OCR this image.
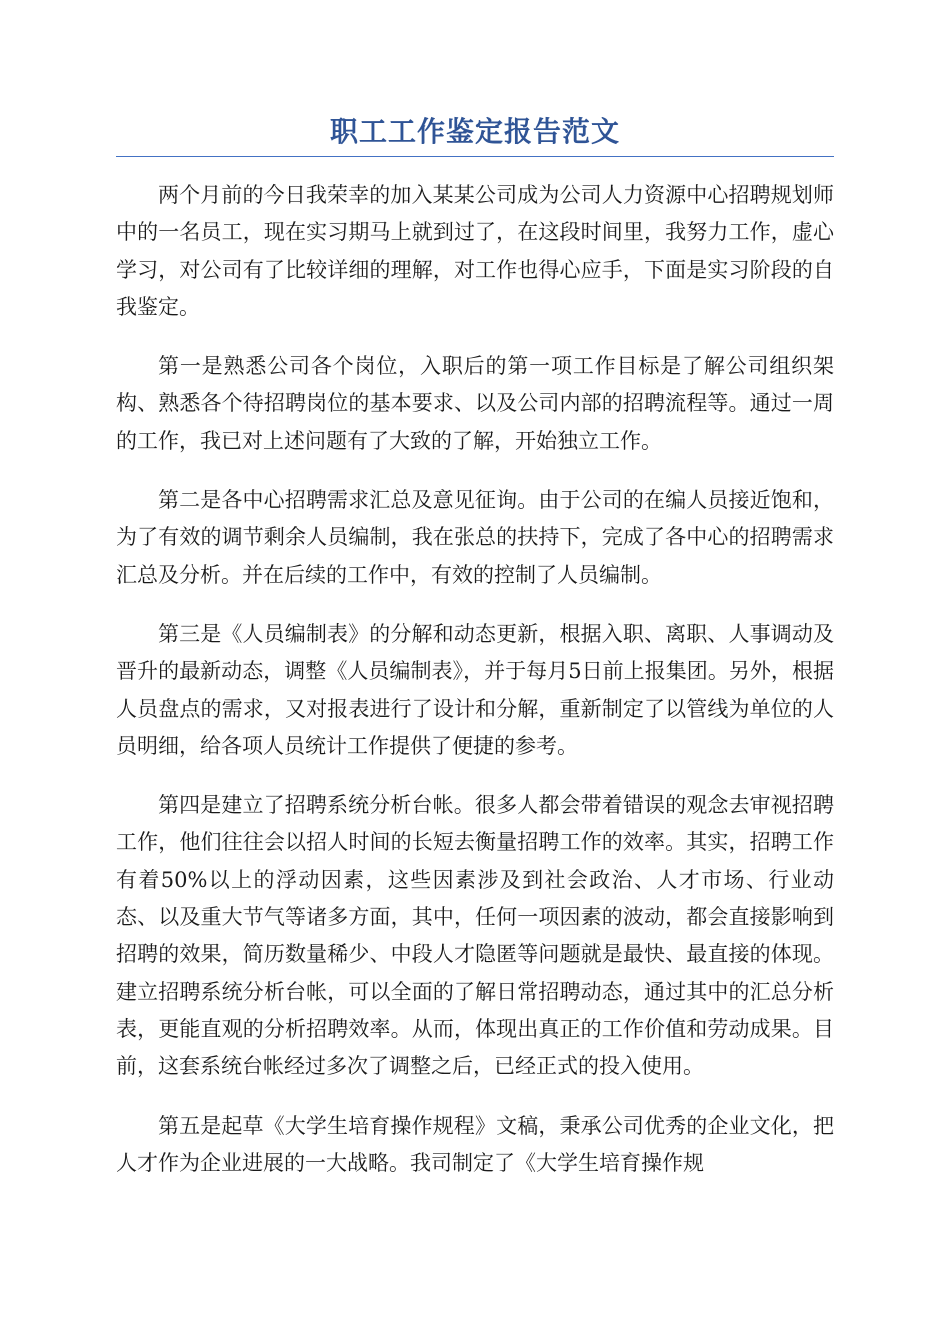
职工工作鉴定报告范文

两个月前的今日我荣幸的加入某某公司成为公司人力资源中心招聘规划师中的一名员工，现在实习期马上就到过了，在这段时间里，我努力工作，虚心学习，对公司有了比较详细的理解，对工作也得心应手，下面是实习阶段的自我鉴定。

第一是熟悉公司各个岗位，入职后的第一项工作目标是了解公司组织架构、熟悉各个待招聘岗位的基本要求、以及公司内部的招聘流程等。通过一周的工作，我已对上述问题有了大致的了解，开始独立工作。

第二是各中心招聘需求汇总及意见征询。由于公司的在编人员接近饱和，为了有效的调节剩余人员编制，我在张总的扶持下，完成了各中心的招聘需求汇总及分析。并在后续的工作中，有效的控制了人员编制。

第三是《人员编制表》的分解和动态更新，根据入职、离职、人事调动及晋升的最新动态，调整《人员编制表》，并于每月5日前上报集团。另外，根据人员盘点的需求，又对报表进行了设计和分解，重新制定了以管线为单位的人员明细，给各项人员统计工作提供了便捷的参考。

第四是建立了招聘系统分析台帐。很多人都会带着错误的观念去审视招聘工作，他们往往会以招人时间的长短去衡量招聘工作的效率。其实，招聘工作有着50%以上的浮动因素，这些因素涉及到社会政治、人才市场、行业动态、以及重大节气等诸多方面，其中，任何一项因素的波动，都会直接影响到招聘的效果，简历数量稀少、中段人才隐匿等问题就是最快、最直接的体现。建立招聘系统分析台帐，可以全面的了解日常招聘动态，通过其中的汇总分析表，更能直观的分析招聘效率。从而，体现出真正的工作价值和劳动成果。目前，这套系统台帐经过多次了调整之后，已经正式的投入使用。

第五是起草《大学生培育操作规程》文稿，秉承公司优秀的企业文化，把人才作为企业进展的一大战略。我司制定了《大学生培育操作规
